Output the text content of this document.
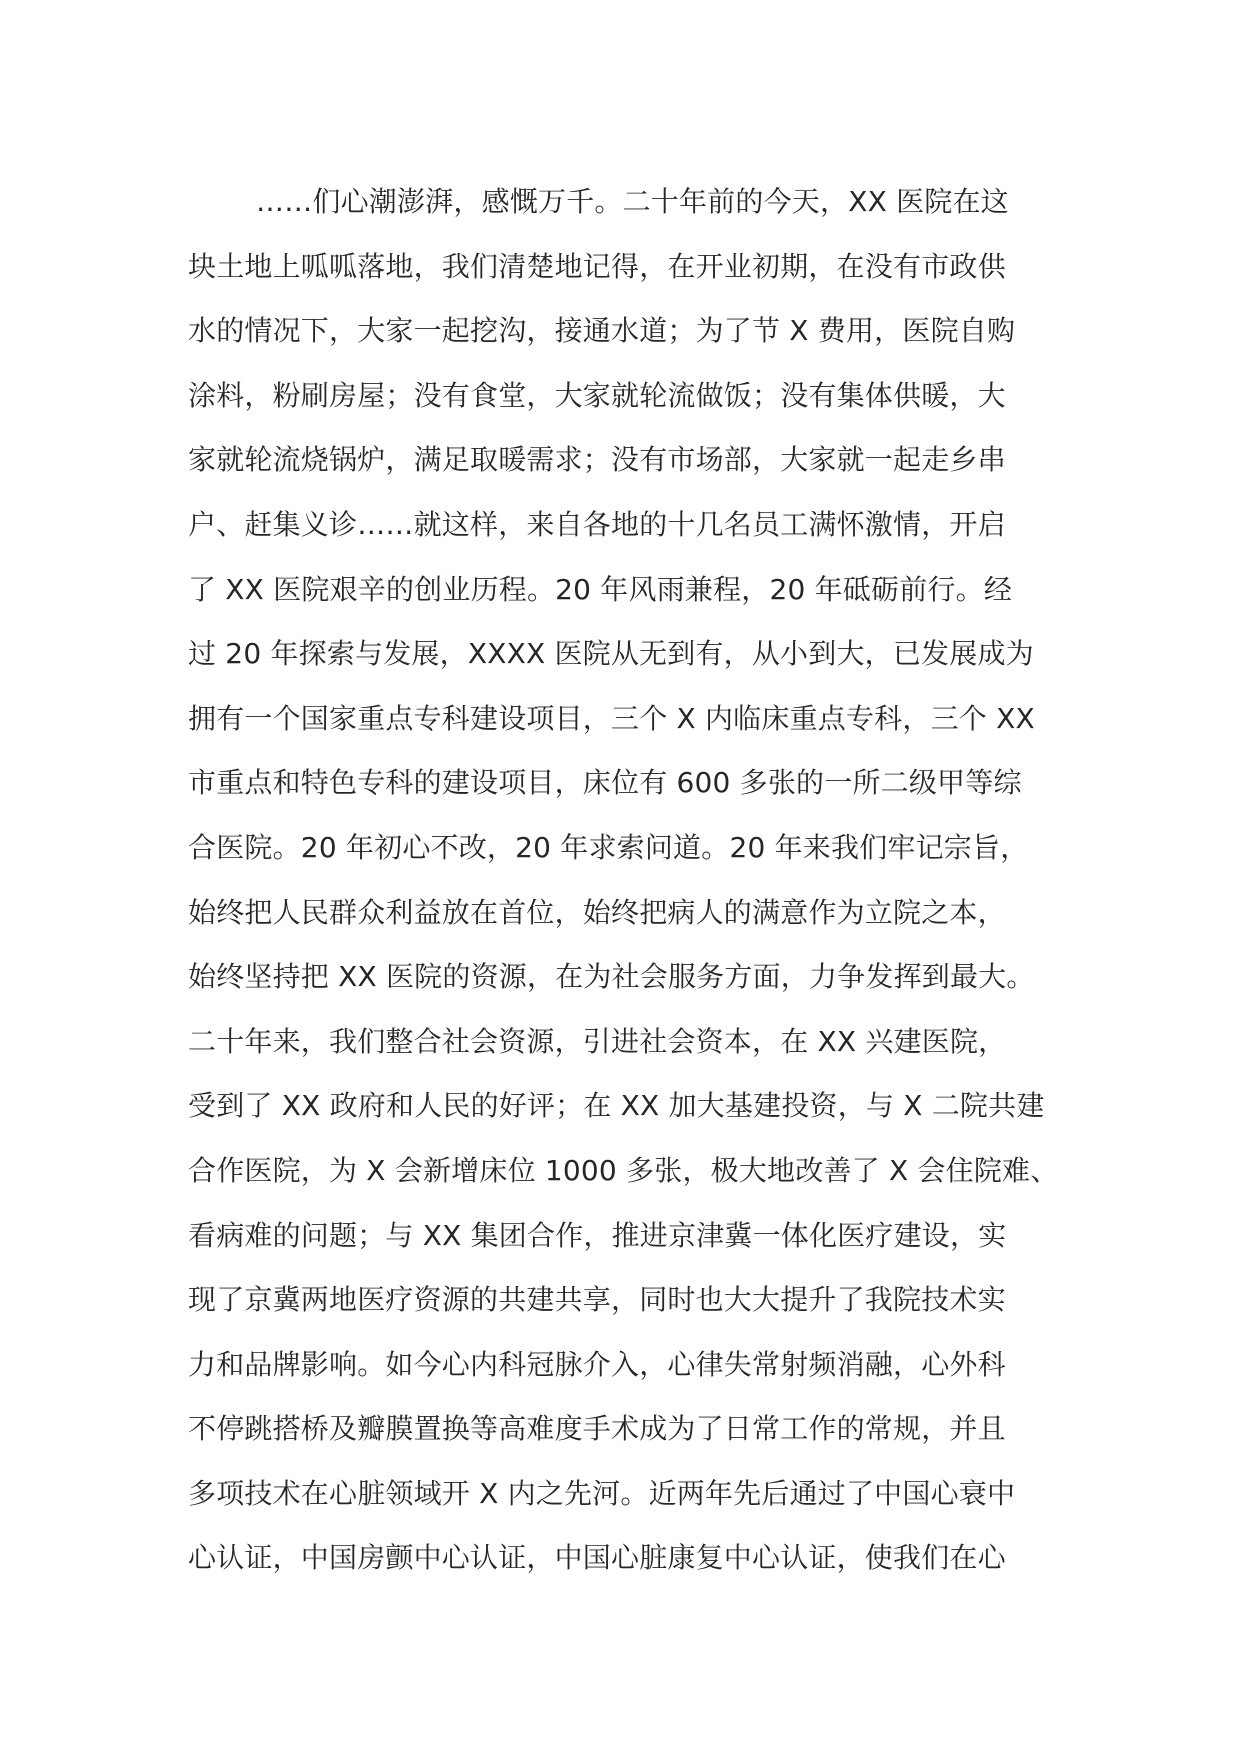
……们心潮澎湃，感慨万千。二十年前的今天，XX 医院在这
块土地上呱呱落地，我们清楚地记得，在开业初期，在没有市政供
水的情况下，大家一起挖沟，接通水道；为了节 X 费用，医院自购
涂料，粉刷房屋；没有食堂，大家就轮流做饭；没有集体供暖，大
家就轮流烧锅炉，满足取暖需求；没有市场部，大家就一起走乡串
户、赶集义诊……就这样，来自各地的十几名员工满怀激情，开启
了 XX 医院艰辛的创业历程。20 年风雨兼程，20 年砥砺前行。经
过 20 年探索与发展，XXXX 医院从无到有，从小到大，已发展成为
拥有一个国家重点专科建设项目，三个 X 内临床重点专科，三个 XX
市重点和特色专科的建设项目，床位有 600 多张的一所二级甲等综
合医院。20 年初心不改，20 年求索问道。20 年来我们牢记宗旨，
始终把人民群众利益放在首位，始终把病人的满意作为立院之本，
始终坚持把 XX 医院的资源，在为社会服务方面，力争发挥到最大。
二十年来，我们整合社会资源，引进社会资本，在 XX 兴建医院，
受到了 XX 政府和人民的好评；在 XX 加大基建投资，与 X 二院共建
合作医院，为 X 会新增床位 1000 多张，极大地改善了 X 会住院难、
看病难的问题；与 XX 集团合作，推进京津冀一体化医疗建设，实
现了京冀两地医疗资源的共建共享，同时也大大提升了我院技术实
力和品牌影响。如今心内科冠脉介入，心律失常射频消融，心外科
不停跳搭桥及瓣膜置换等高难度手术成为了日常工作的常规，并且
多项技术在心脏领域开 X 内之先河。近两年先后通过了中国心衰中
心认证，中国房颤中心认证，中国心脏康复中心认证，使我们在心
